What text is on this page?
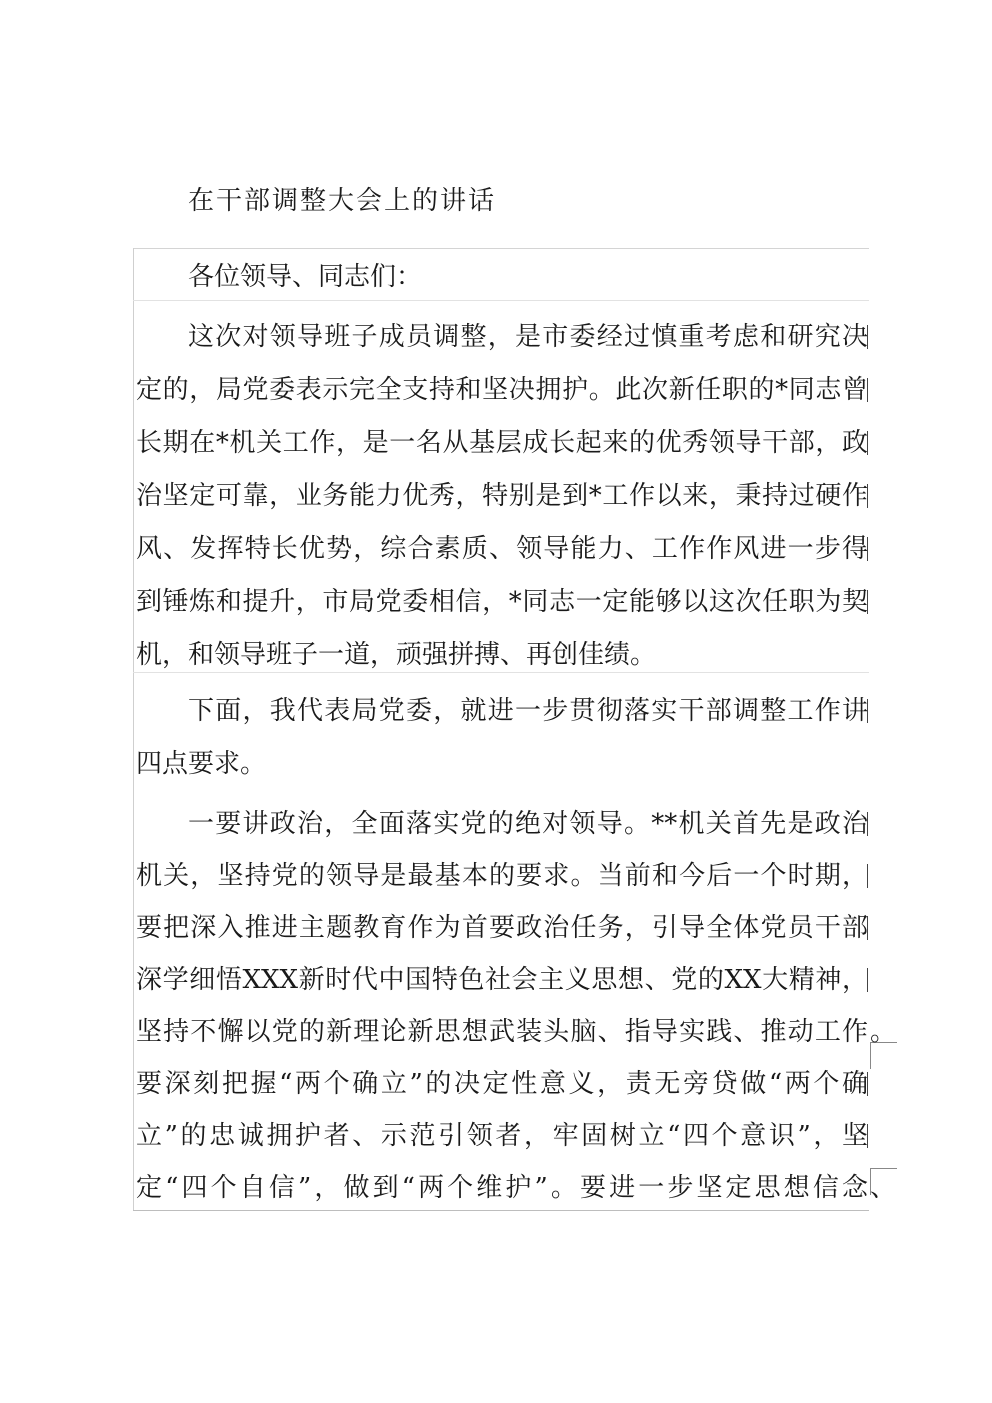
在干部调整大会上的讲话
各位领导、同志们：
这次对领导班子成员调整，是市委经过慎重考虑和研究决
定的，局党委表示完全支持和坚决拥护。此次新任职的*同志曾
长期在*机关工作，是一名从基层成长起来的优秀领导干部，政
治坚定可靠，业务能力优秀，特别是到*工作以来，秉持过硬作
风、发挥特长优势，综合素质、领导能力、工作作风进一步得
到锤炼和提升，市局党委相信，*同志一定能够以这次任职为契
机，和领导班子一道，顽强拼搏、再创佳绩。
下面，我代表局党委，就进一步贯彻落实干部调整工作讲
四点要求。
一要讲政治，全面落实党的绝对领导。**机关首先是政治
机关，坚持党的领导是最基本的要求。当前和今后一个时期，
要把深入推进主题教育作为首要政治任务，引导全体党员干部
深学细悟XXX新时代中国特色社会主义思想、党的XX大精神，
坚持不懈以党的新理论新思想武装头脑、指导实践、推动工作
要深刻把握“两个确立”的决定性意义，责无旁贷做“两个确
立”的忠诚拥护者、示范引领者，牢固树立“四个意识”，坚
定“四个自信”，做到“两个维护”。要进一步坚定思想信念
。
、
